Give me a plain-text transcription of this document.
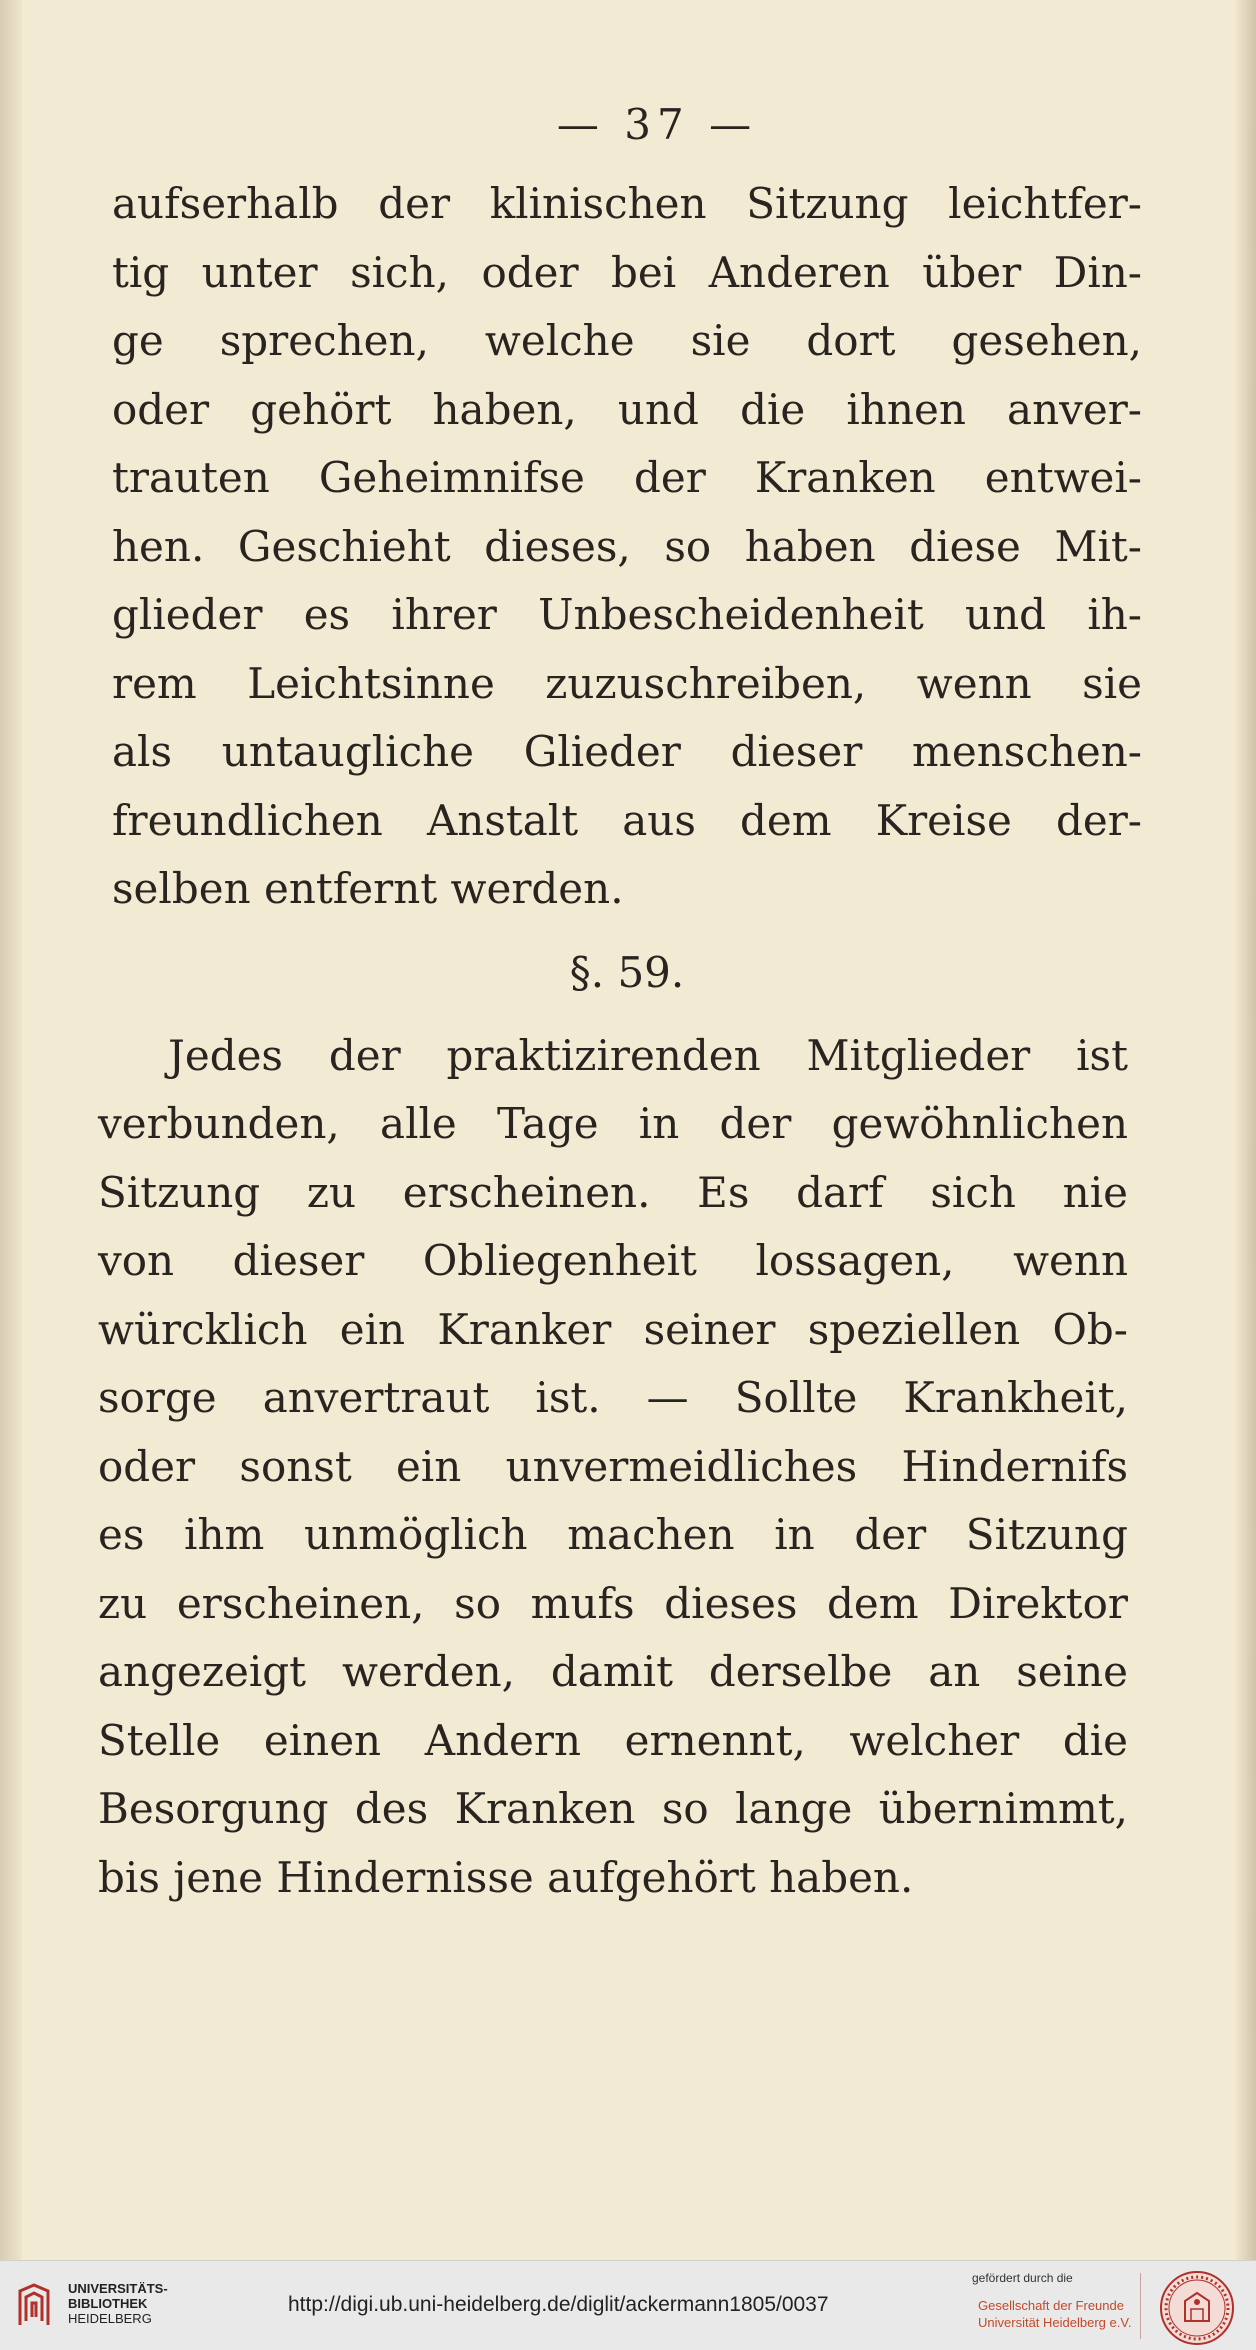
— 37 —
aufserhalb der klinischen Sitzung leichtfer-
tig unter sich, oder bei Anderen über Din-
ge sprechen, welche sie dort gesehen,
oder gehört haben, und die ihnen anver-
trauten Geheimnifse der Kranken entwei-
hen. Geschieht dieses, so haben diese Mit-
glieder es ihrer Unbescheidenheit und ih-
rem Leichtsinne zuzuschreiben, wenn sie
als untaugliche Glieder dieser menschen-
freundlichen Anstalt aus dem Kreise der-
selben entfernt werden.
§. 59.
Jedes der praktizirenden Mitglieder ist
verbunden, alle Tage in der gewöhnlichen
Sitzung zu erscheinen. Es darf sich nie
von dieser Obliegenheit lossagen, wenn
würcklich ein Kranker seiner speziellen Ob-
sorge anvertraut ist. — Sollte Krankheit,
oder sonst ein unvermeidliches Hindernifs
es ihm unmöglich machen in der Sitzung
zu erscheinen, so mufs dieses dem Direktor
angezeigt werden, damit derselbe an seine
Stelle einen Andern ernennt, welcher die
Besorgung des Kranken so lange übernimmt,
bis jene Hindernisse aufgehört haben.
UNIVERSITÄTS-
BIBLIOTHEK
HEIDELBERG
http://digi.ub.uni-heidelberg.de/diglit/ackermann1805/0037
gefördert durch die
Gesellschaft der Freunde
Universität Heidelberg e.V.
